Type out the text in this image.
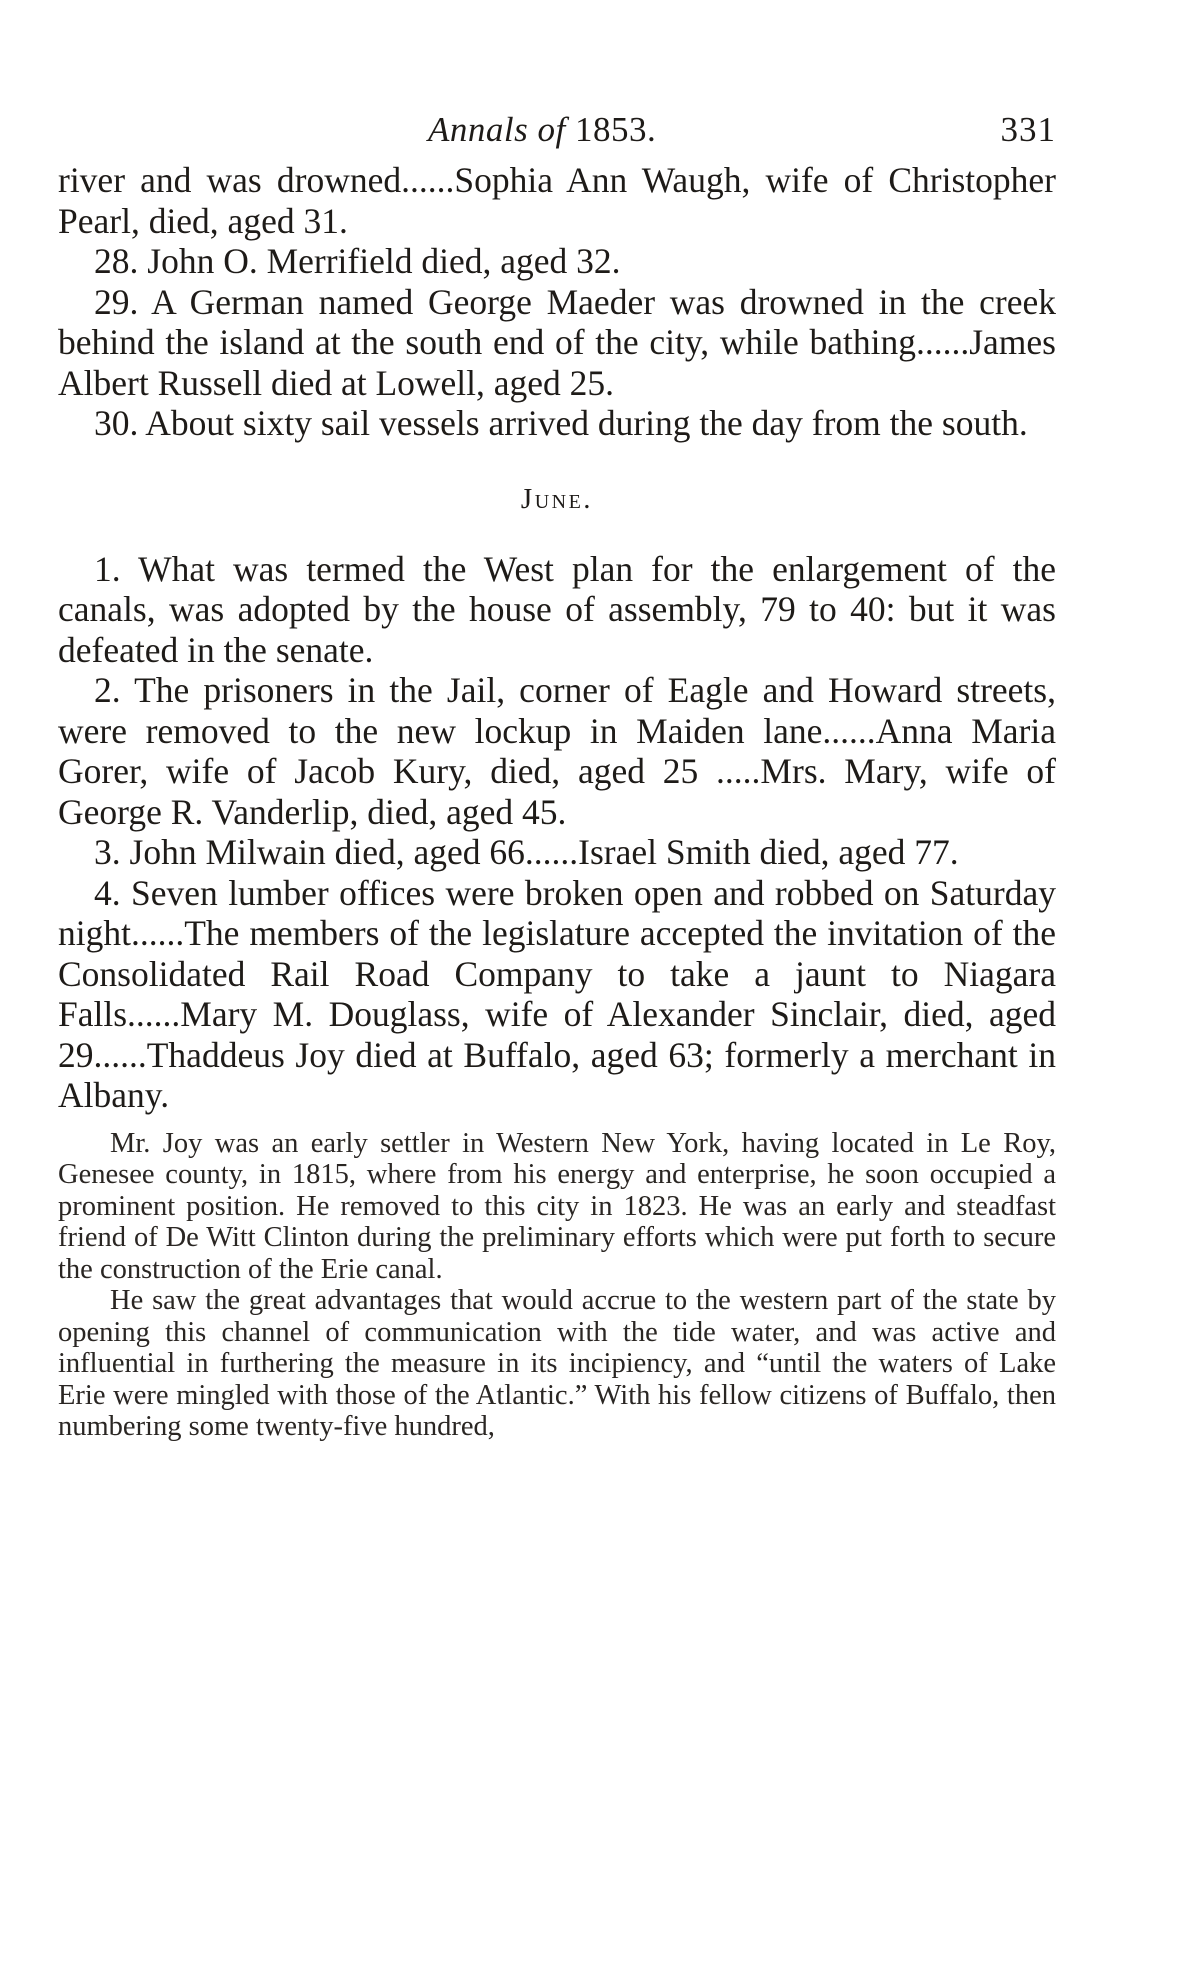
Annals of 1853.	331

river and was drowned......Sophia Ann Waugh, wife of Christopher Pearl, died, aged 31.

28. John O. Merrifield died, aged 32.

29. A German named George Maeder was drowned in the creek behind the island at the south end of the city, while bathing......James Albert Russell died at Lowell, aged 25.

30. About sixty sail vessels arrived during the day from the south.

June.

1. What was termed the West plan for the enlargement of the canals, was adopted by the house of assembly, 79 to 40: but it was defeated in the senate.

2. The prisoners in the Jail, corner of Eagle and Howard streets, were removed to the new lockup in Maiden lane......Anna Maria Gorer, wife of Jacob Kury, died, aged 25 .....Mrs. Mary, wife of George R. Vanderlip, died, aged 45.

3. John Milwain died, aged 66......Israel Smith died, aged 77.

4. Seven lumber offices were broken open and robbed on Saturday night......The members of the legislature accepted the invitation of the Consolidated Rail Road Company to take a jaunt to Niagara Falls......Mary M. Douglass, wife of Alexander Sinclair, died, aged 29......Thaddeus Joy died at Buffalo, aged 63; formerly a merchant in Albany.

Mr. Joy was an early settler in Western New York, having located in Le Roy, Genesee county, in 1815, where from his energy and enterprise, he soon occupied a prominent position. He removed to this city in 1823. He was an early and steadfast friend of De Witt Clinton during the preliminary efforts which were put forth to secure the construction of the Erie canal.

He saw the great advantages that would accrue to the western part of the state by opening this channel of communication with the tide water, and was active and influential in furthering the measure in its incipiency, and “until the waters of Lake Erie were mingled with those of the Atlantic.” With his fellow citizens of Buffalo, then numbering some twenty-five hundred,
